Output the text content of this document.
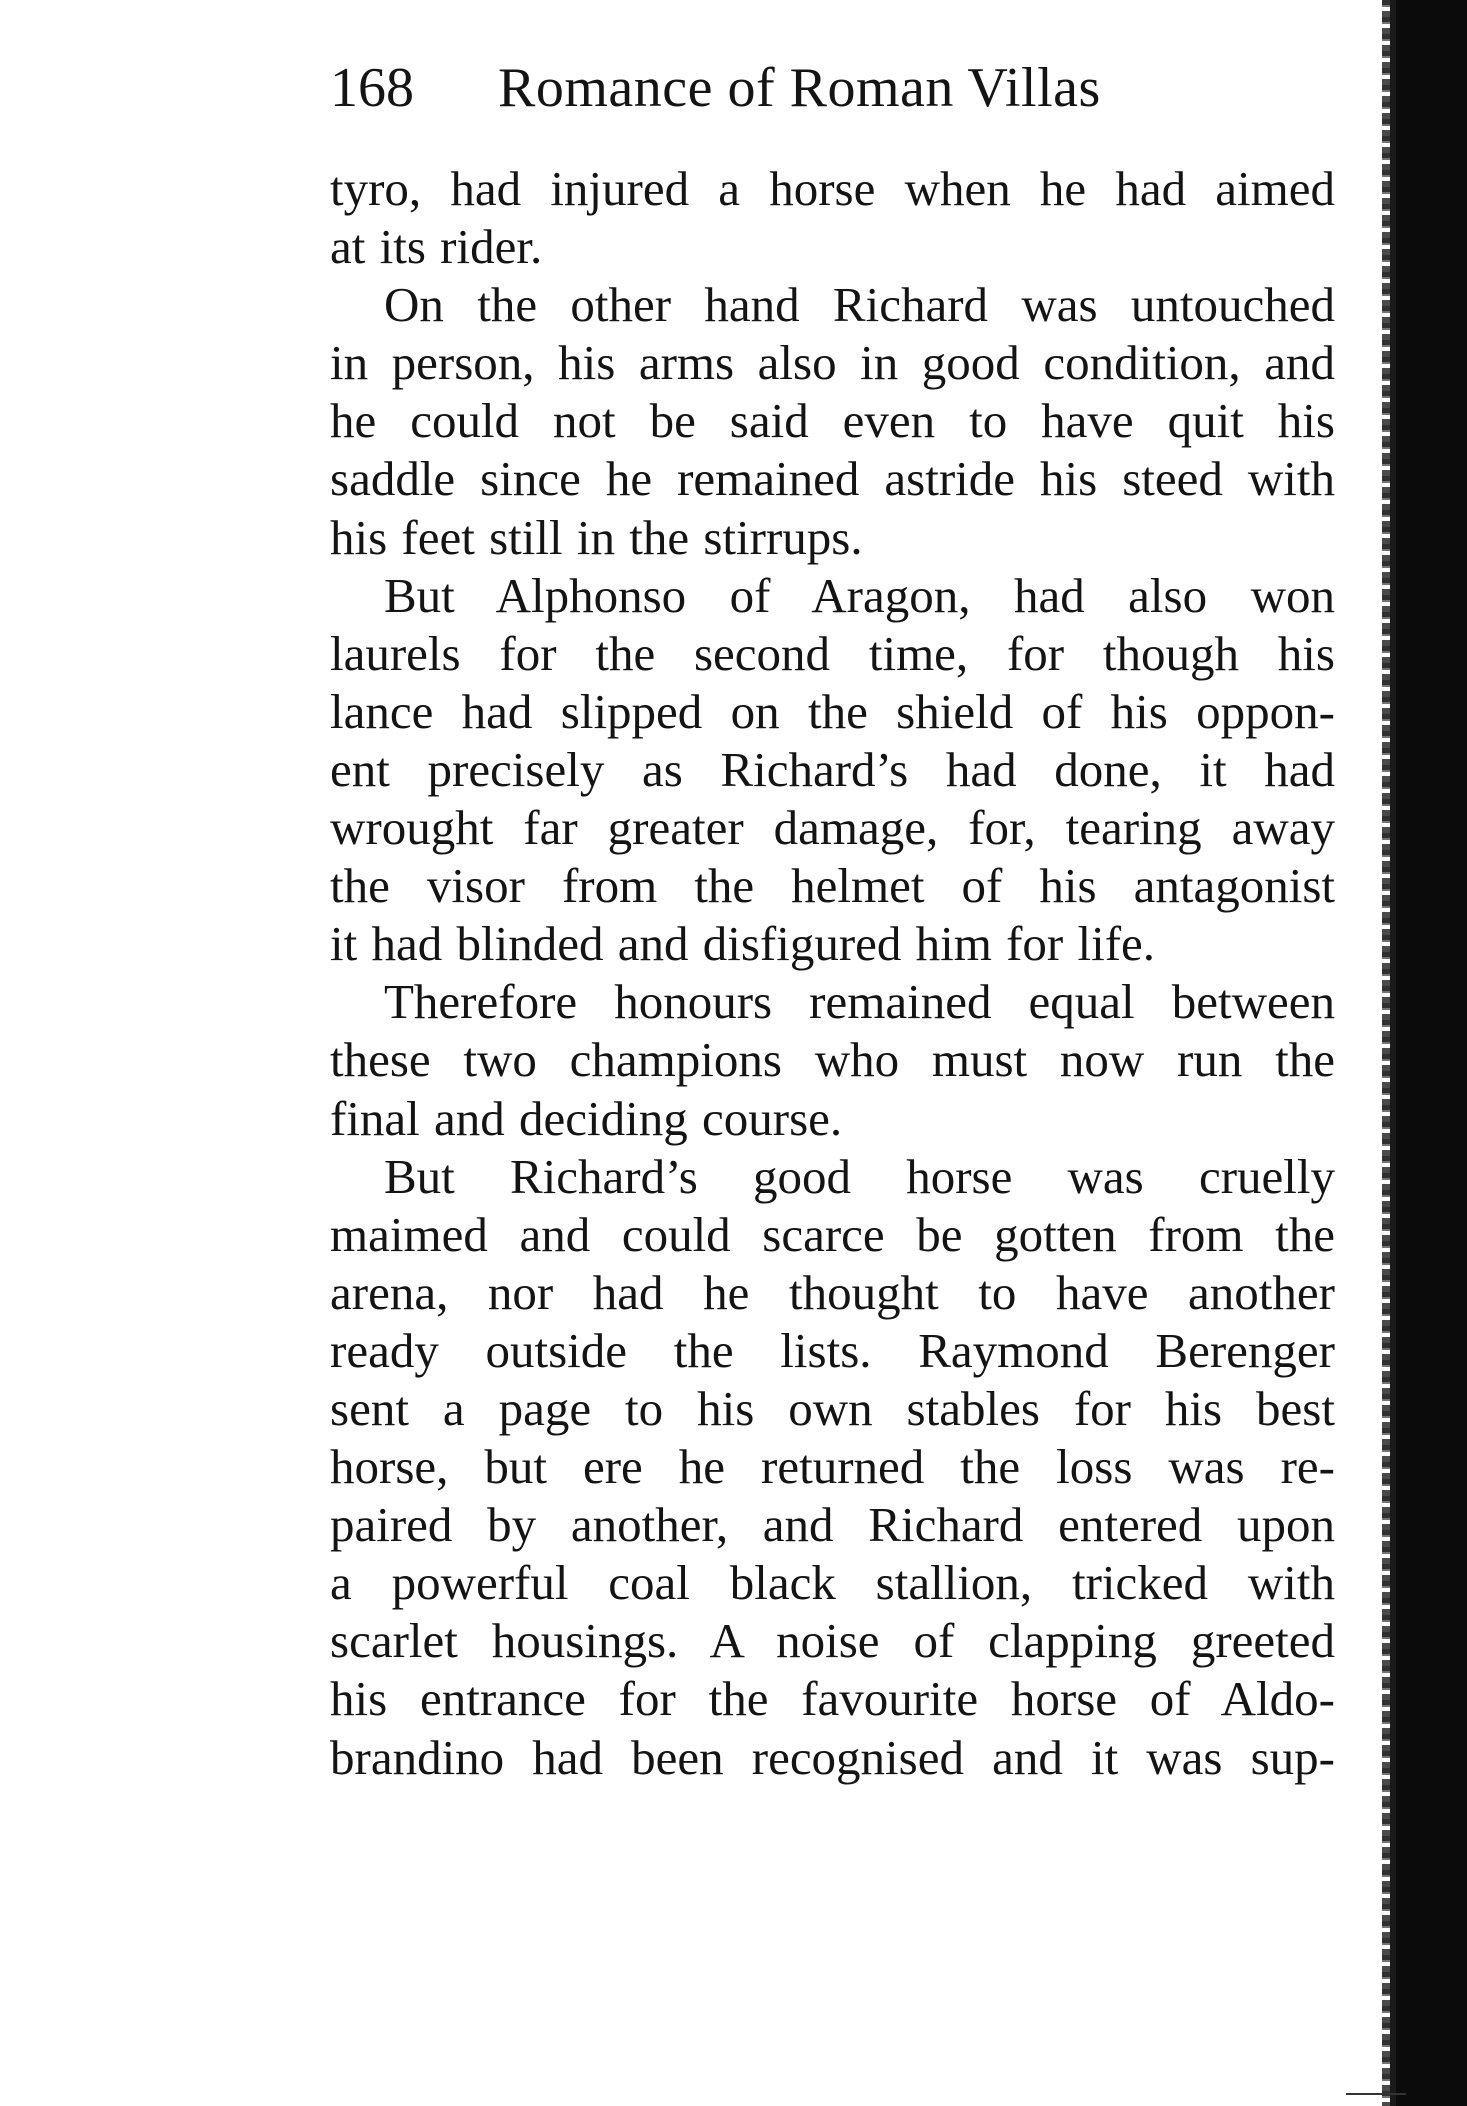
168 Romance of Roman Villas

tyro, had injured a horse when he had aimed
at its rider.

On the other hand Richard was untouched
in person, his arms also in good condition, and
he could not be said even to have quit his
saddle since he remained astride his steed with
his feet still in the stirrups.

But Alphonso of Aragon, had also won
laurels for the second time, for though his
lance had slipped on the shield of his oppon-
ent precisely as Richard’s had done, it had
wrought far greater damage, for, tearing away
the visor from the helmet of his antagonist
it had blinded and disfigured him for life.

Therefore honours remained equal between
these two champions who must now run the
final and deciding course.

But Richard’s good horse was cruelly
maimed and could scarce be gotten from the
arena, nor had he thought to have another
ready outside the lists. Raymond Berenger
sent a page to his own stables for his best
horse, but ere he returned the loss was re-
paired by another, and Richard entered upon
a powerful coal black stallion, tricked with
scarlet housings. A noise of clapping greeted
his entrance for the favourite horse of Aldo-
brandino had been recognised and it was sup-
